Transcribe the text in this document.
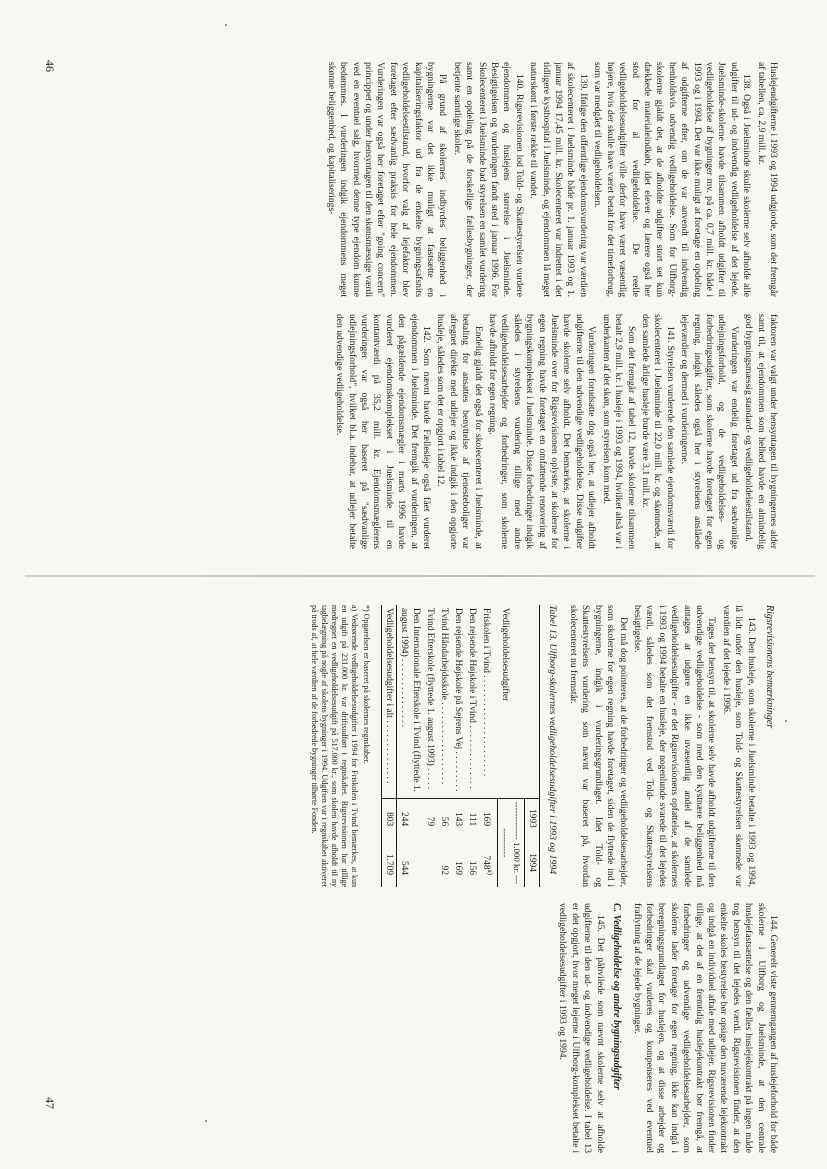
Huslejeudgifterne i 1993 og 1994 udgjorde, som det fremgår af tabellen, ca. 2,9 mill. kr.

138. Også i Juelsminde skulle skolerne selv afholde alle udgifter til ud- og indvendig vedligeholdelse af det lejede. Juelsminde-skolerne havde tilsammen afholdt udgifter til vedligeholdelse af bygninger mv. på ca. 0,7 mill. kr. både i 1993 og i 1994. Det var ikke muligt at foretage en opdeling af udgifterne efter, om de var anvendt til indvendig henholdsvis udvendig vedligeholdelse. Som for Ulfborg-skolerne gjaldt det, at de afholdte udgifter stort set kun dækkede materialeindkøb, idet elever og lærere også her stod for al vedligeholdelse. De reelle vedligeholdelsesudgifter ville derfor have været væsentlig højere, hvis der skulle have været betalt for det timeforbrug, som var medgået til vedligeholdelsen.

139. Ifølge den offentlige ejendomsvurdering var værdien af skolecenteret i Juelsminde både pr. 1. januar 1993 og 1. januar 1994 17,45 mill. kr. Skolecenteret var indrettet i det tidligere kysthospital i Juelsminde, og ejendommen lå meget naturskønt i første række til vandet.

140. Rigsrevisionen lod Told- og Skattestyrelsen vurdere ejendommen og huslejens størrelse i Juelsminde. Besigtigelsen og vurderingen fandt sted i januar 1996. For Skolecenteret i Juelsminde bad styrelsen en samlet vurdering samt en opdeling på de forskellige fællesbygninger, der betjente samtlige skoler.

På grund af skolernes indbyrdes beliggenhed i bygningerne var det ikke muligt at fastsætte en kapitaliseringsfaktor ud fra de enkelte bygningsafsnits vedligeholdelsestilstand, hvorfor valg af lejefaktor blev foretaget efter sædvanlig praksis for hele ejendommen. Vurderingen var også her foretaget efter "going concern" princippet og under hensyntagen til den skønsmæssige værdi ved en eventuel salg, hvormed denne type ejendom kunne bedømmes. I vurderingen indgik ejendommens meget skønne beliggenhed, og kapitaliserings-

faktoren var valgt under hensyntagen til bygningernes alder samt til, at ejendommen som helhed havde en almindelig god bygningsmæssig standard- og vedligeholdelsestilstand.

Vurderingen var endelig foretaget ud fra sædvanlige udlejningsforhold, og de vedligeholdelses- og forbedringsudgifter, som skolerne havde foretaget for egen regning, indgik således også her i styrelsens anslåede lejeværdier og dermed i vurderingerne.

141. Styrelsen vurderede den samlede ejendomsværdi for skolecenteret i Juelsminde til 22,0 mill. kr. og skønnede, at den samlede årlige husleje burde være 3,1 mill. kr.

Som det fremgår af tabel 12, havde skolerne tilsammen betalt 2,9 mill. kr. i husleje i 1993 og 1994, hvilket altså var i underkanten af det skøn, som styrelsen kom med.

Vurderingen forudsatte dog også her, at udlejer afholdt udgifterne til den udvendige vedligeholdelse. Disse udgifter havde skolerne selv afholdt. Det bemærkes, at skolerne i Juelsminde over for Rigsrevisionen oplyste, at skolerne for egen regning havde foretaget en omfattende renovering af bygningskomplekset i Juelsminde. Disse forbedringer indgik således i styrelsens vurdering tillige med andre vedligeholdelsesarbejder og forbedringer, som skolerne havde afholdt for egen regning.

Endelig gjaldt det også for skolecenteret i Juelsminde, at betaling for ansattes benyttelse af tjenesteboliger var afregnet direkte med udlejer og ikke indgik i den opgjorte husleje, således som det er opgjort i tabel 12.

142. Som nævnt havde Fællesleje også fået vurderet ejendommen i Juelsminde. Det fremgik af vurderingen, at den pågældende ejendomsmægler i marts 1996 havde vurderet ejendomskomplekset i Juelsminde til en kontantværdi på 35,2 mill. kr. Ejendomsmæglerens vurderinger var også her baseret på "sædvanlige udlejningsforhold", hvilket bl.a. indebar, at udlejer betalte den udvendige vedligeholdelse.

46
Rigsrevisionens bemærkninger

143. Den husleje, som skolerne i Juelsminde betalte i 1993 og 1994, lå lidt under den husleje, som Told- og Skattestyrelsen skønnede var værdien af det lejede i 1996.

Tages der hensyn til, at skolerne selv havde afholdt udgifterne til den udvendige vedligeholdelse - som med den kystnære beliggenhed må antages at udgøre en ikke uvæsentlig andel af de samlede vedligeholdelsesudgifter - er det Rigsrevisionens opfattelse, at skolernes i 1993 og 1994 betalte en husleje, der nogenlunde svarede til det lejedes værdi, således som det fremstod ved Told- og Skattestyrelsens besigtigelse.

Det må dog pointeres, at de forbedringer og vedligeholdelsesarbejder, som skolerne for egen regning havde foretaget, siden de flyttede ind i bygningerne, indgik i vurderingsgrundlaget. Idet Told- og Skattestyrelsens vurdering som nævnt var baseret på, hvordan skolecenteret nu fremstår.

Tabel 13. Ulfborg-skolernes vedligeholdelsesudgifter i 1993 og 1994
Vedligeholdelsesudgifter	1993	1994
	------------- 1.000 kr. -------------	
Friskolen i Tvind . . . . . . . . . . . . . . . . . . . . . .	169	748$^{a)}$
Den rejsende Højskole i Tvind . . . . . . . . . . . . . .	111	156
Den rejsende Højskole på Sejrens Vej . . . . . . . . .	143	169
Tvind Håndarbejdsskole . . . . . . . . . . . . . . . . . .	56	92
Tvind Efterskole (flyttede 1. august 1993) . . . . .	79	
Den Internationale Efterskole i Tvind (flyttede 1. august 1994) . . . . . . . . . . . . . . .	244	544
Vedligeholdelsesudgifter i alt . . . . . . . . . . . . . .	803	1.709

*) Opgørelsen er baseret på skolernes regnskaber.

a) Vedrørende vedligeholdelsesudgifter i 1994 for Friskolen i Tvind bemærkes, at kun en udgift på 231.000 kr. var driftsudført i regnskabet. Rigsrevisionen har tillige medregnet en vedligeholdelsesudgift på 517.000 kr., som skolen havde afholdt til ny tagbelægning på nogle af skolens bygninger i 1994. Udgiften var i regnskabet aktiveret på trods af, at hele værdien af de forbedrede bygninger tilhørte Fonden.

144. Generelt viste gennemgangen af huslejeforhold for både skolerne i Ulfborg og Juelsminde, at den centrale huslejefastsættelse og den fælles huslejekontrakt på ingen måde tog hensyn til det lejedes værdi. Rigsrevisionen finder, at den enkelte skoles bestyrelse bør opsige den nuværende lejekontrakt og indgå en individuel aftale med udlejer. Rigsrevisionen finder tillige, at det af en fremtidig huslejekontrakt bør fremgå, at forbedringer og udvendige vedligeholdelsesarbejder, som skolerne lader foretage for egen regning, ikke kan indgå i beregningsgrundlaget for huslejen, og at disse arbejder og forbedringer skal vurderes og kompenseres ved eventuel fraflytning af de lejede bygninger.

C. Vedligeholdelse og andre bygningsudgifter

145. Det påhvilede som nævnt skolerne selv at afholde udgifterne til den ud- og indvendige vedligeholdelse. I tabel 13 er det opgjort, hvor meget lejerne i Ulfborg-komplekset betalte i vedligeholdelsesudgifter i 1993 og 1994.

47
